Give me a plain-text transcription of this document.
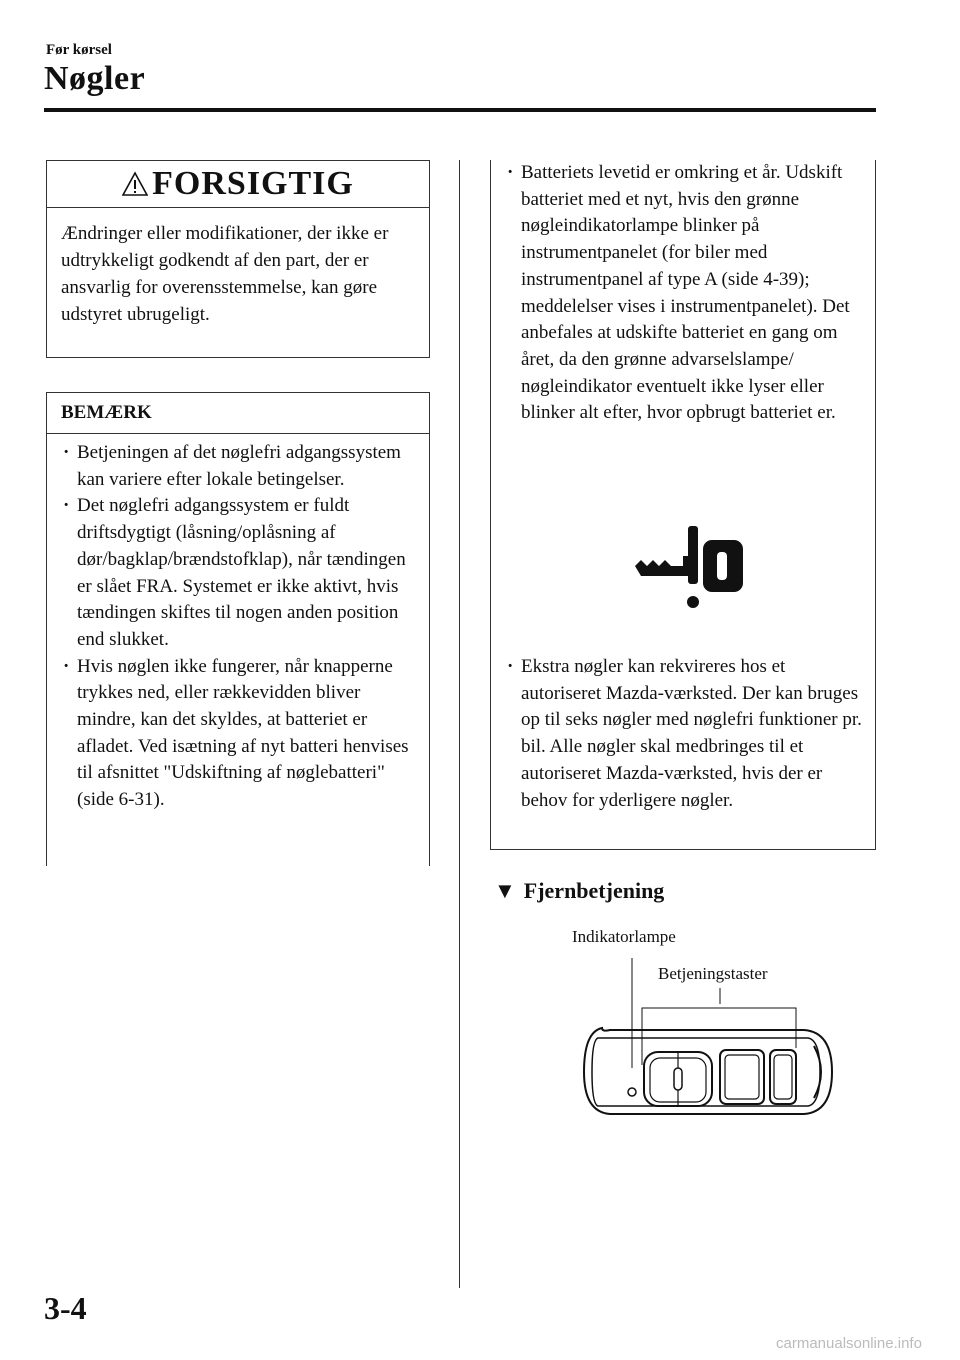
Før kørsel
Nøgler
FORSIGTIG
Ændringer eller modifikationer, der ikke er udtrykkeligt godkendt af den part, der er ansvarlig for overensstemmelse, kan gøre udstyret ubrugeligt.
BEMÆRK
· Betjeningen af det nøglefri adgangssystem kan variere efter lokale betingelser.
· Det nøglefri adgangssystem er fuldt driftsdygtigt (låsning/oplåsning af dør/bagklap/brændstofklap), når tændingen er slået FRA. Systemet er ikke aktivt, hvis tændingen skiftes til nogen anden position end slukket.
· Hvis nøglen ikke fungerer, når knapperne trykkes ned, eller rækkevidden bliver mindre, kan det skyldes, at batteriet er afladet. Ved isætning af nyt batteri henvises til afsnittet "Udskiftning af nøglebatteri" (side 6-31).
· Batteriets levetid er omkring et år. Udskift batteriet med et nyt, hvis den grønne nøgleindikatorlampe blinker på instrumentpanelet (for biler med instrumentpanel af type A (side 4-39); meddelelser vises i instrumentpanelet). Det anbefales at udskifte batteriet en gang om året, da den grønne advarselslampe/ nøgleindikator eventuelt ikke lyser eller blinker alt efter, hvor opbrugt batteriet er.
· Ekstra nøgler kan rekvireres hos et autoriseret Mazda-værksted. Der kan bruges op til seks nøgler med nøglefri funktioner pr. bil. Alle nøgler skal medbringes til et autoriseret Mazda-værksted, hvis der er behov for yderligere nøgler.
▼ Fjernbetjening
Indikatorlampe
Betjeningstaster
3-4
carmanualsonline.info
